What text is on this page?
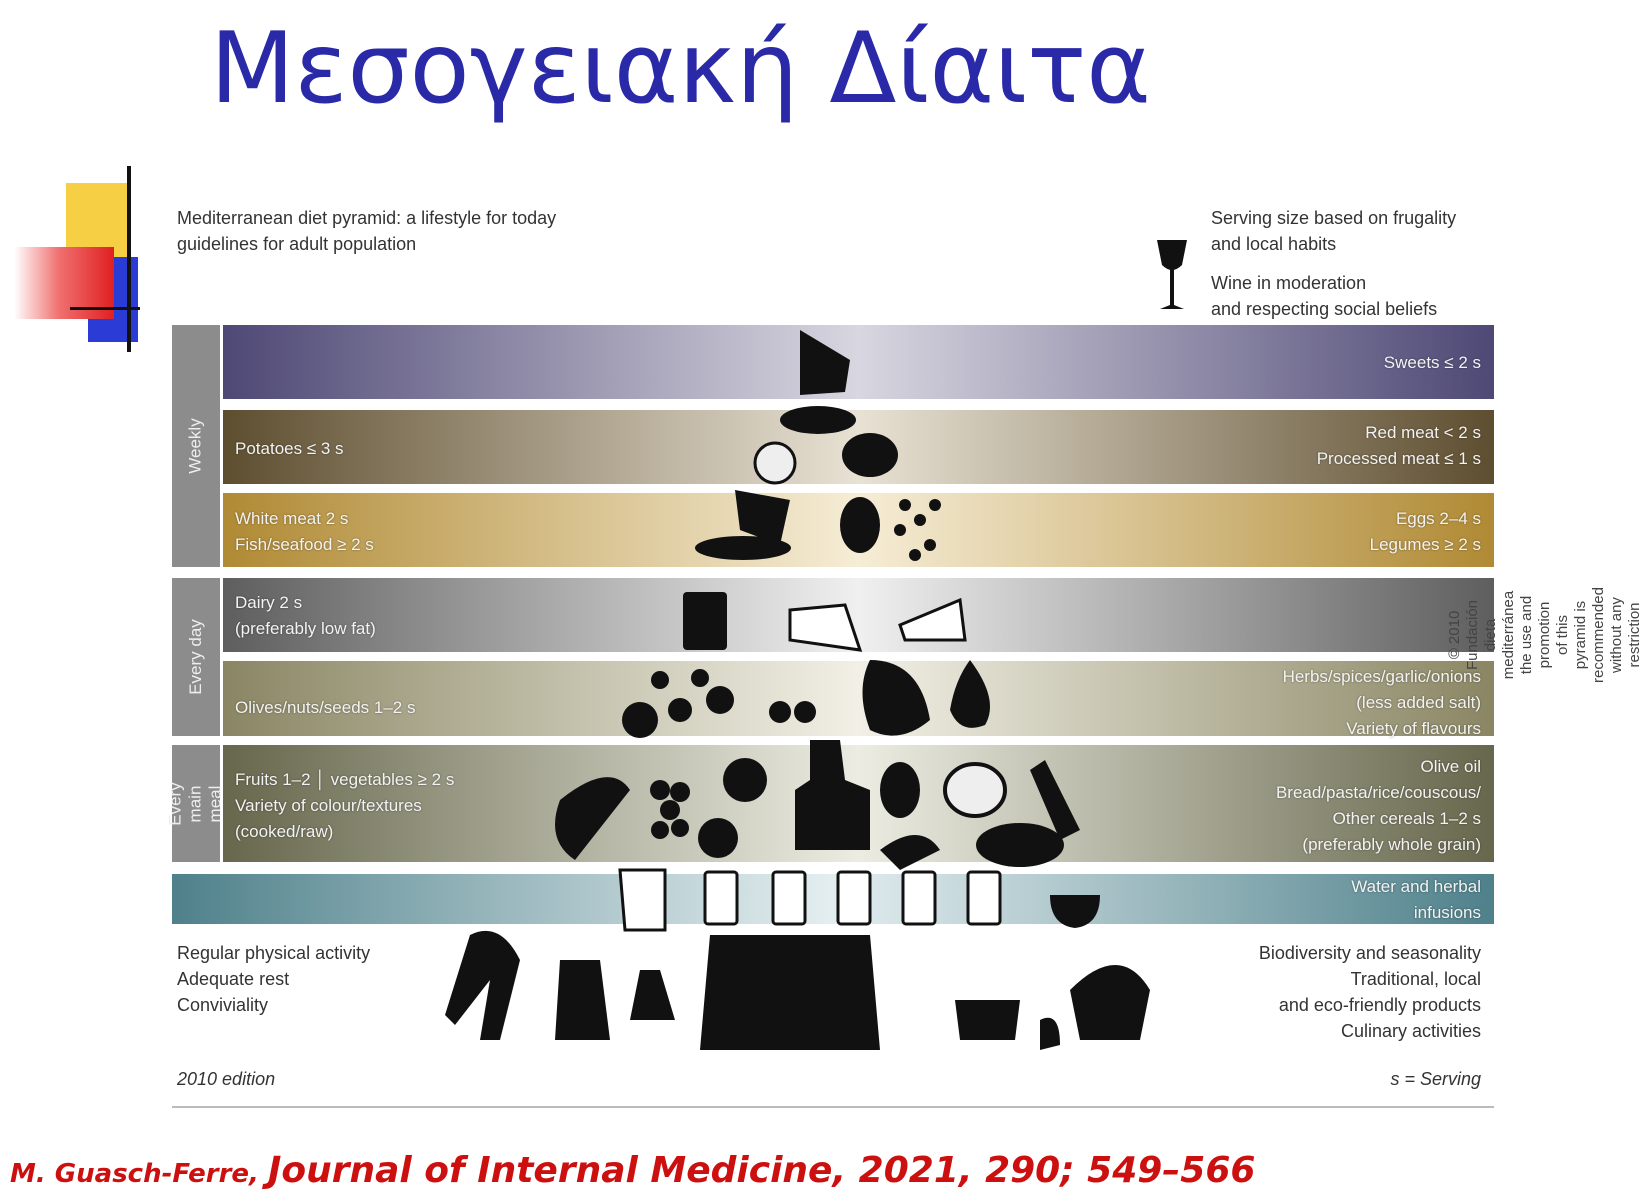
Μεσογειακή Δίαιτα
Mediterranean diet pyramid: a lifestyle for today
guidelines for adult population
Serving size based on frugality
and local habits
Wine in moderation
and respecting social beliefs
Weekly
Every day
Every main
meal
Sweets ≤ 2 s
Potatoes ≤ 3 s
Red meat < 2 s
Processed meat ≤ 1 s
White meat 2 s
Fish/seafood ≥ 2 s
Eggs 2–4 s
Legumes ≥ 2 s
Dairy 2 s
(preferably low fat)
Olives/nuts/seeds 1–2 s
Herbs/spices/garlic/onions
(less added salt)
Variety of flavours
Fruits 1–2 │ vegetables ≥ 2 s
Variety of colour/textures
(cooked/raw)
Olive oil
Bread/pasta/rice/couscous/
Other cereals 1–2 s
(preferably whole grain)
Water and herbal
infusions
Regular physical activity
Adequate rest
Conviviality
Biodiversity and seasonality
Traditional, local
and eco-friendly products
Culinary activities
2010 edition	s = Serving
© 2010 Fundación dieta mediterránea the use and promotion
of this pyramid is recommended without any restriction
M. Guasch-Ferre, Journal of Internal Medicine, 2021, 290; 549–566
